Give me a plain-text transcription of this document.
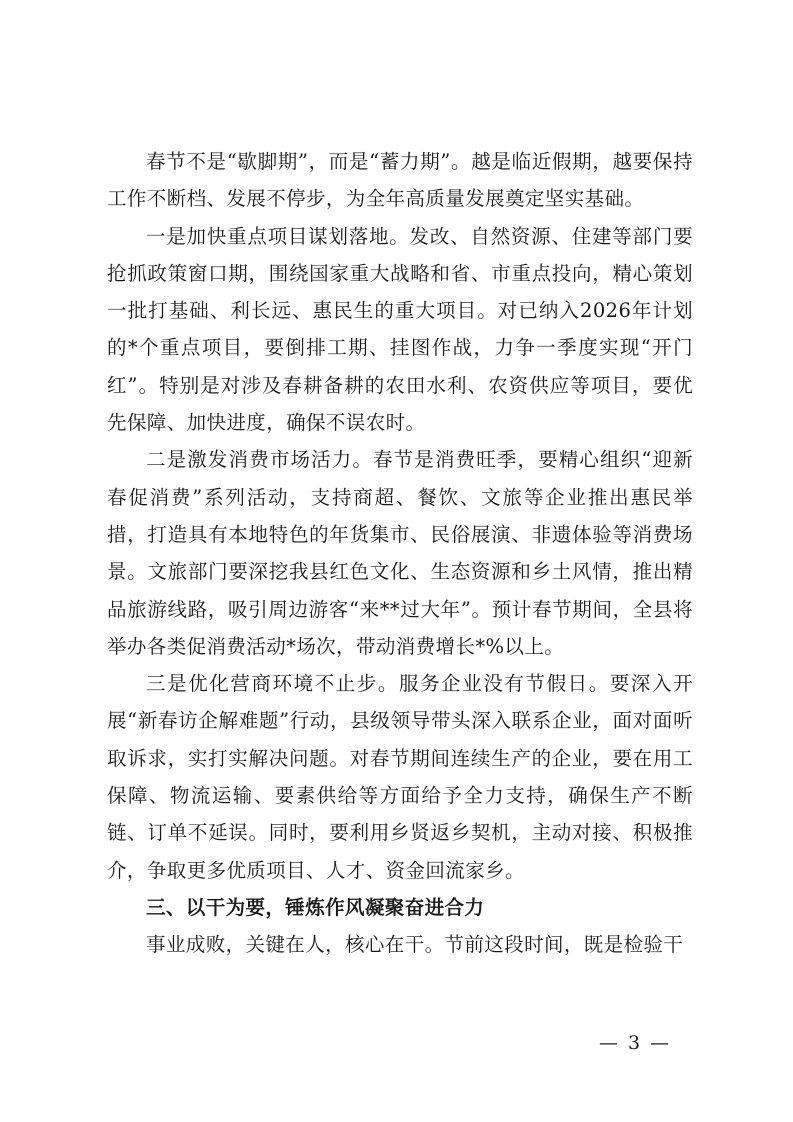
春节不是“歇脚期”，而是“蓄力期”。越是临近假期，越要保持工作不断档、发展不停步，为全年高质量发展奠定坚实基础。

一是加快重点项目谋划落地。发改、自然资源、住建等部门要抢抓政策窗口期，围绕国家重大战略和省、市重点投向，精心策划一批打基础、利长远、惠民生的重大项目。对已纳入2026年计划的*个重点项目，要倒排工期、挂图作战，力争一季度实现“开门红”。特别是对涉及春耕备耕的农田水利、农资供应等项目，要优先保障、加快进度，确保不误农时。

二是激发消费市场活力。春节是消费旺季，要精心组织“迎新春促消费”系列活动，支持商超、餐饮、文旅等企业推出惠民举措，打造具有本地特色的年货集市、民俗展演、非遗体验等消费场景。文旅部门要深挖我县红色文化、生态资源和乡土风情，推出精品旅游线路，吸引周边游客“来**过大年”。预计春节期间，全县将举办各类促消费活动*场次，带动消费增长*%以上。

三是优化营商环境不止步。服务企业没有节假日。要深入开展“新春访企解难题”行动，县级领导带头深入联系企业，面对面听取诉求，实打实解决问题。对春节期间连续生产的企业，要在用工保障、物流运输、要素供给等方面给予全力支持，确保生产不断链、订单不延误。同时，要利用乡贤返乡契机，主动对接、积极推介，争取更多优质项目、人才、资金回流家乡。

三、以干为要，锤炼作风凝聚奋进合力

事业成败，关键在人，核心在干。节前这段时间，既是检验干

— 3 —
